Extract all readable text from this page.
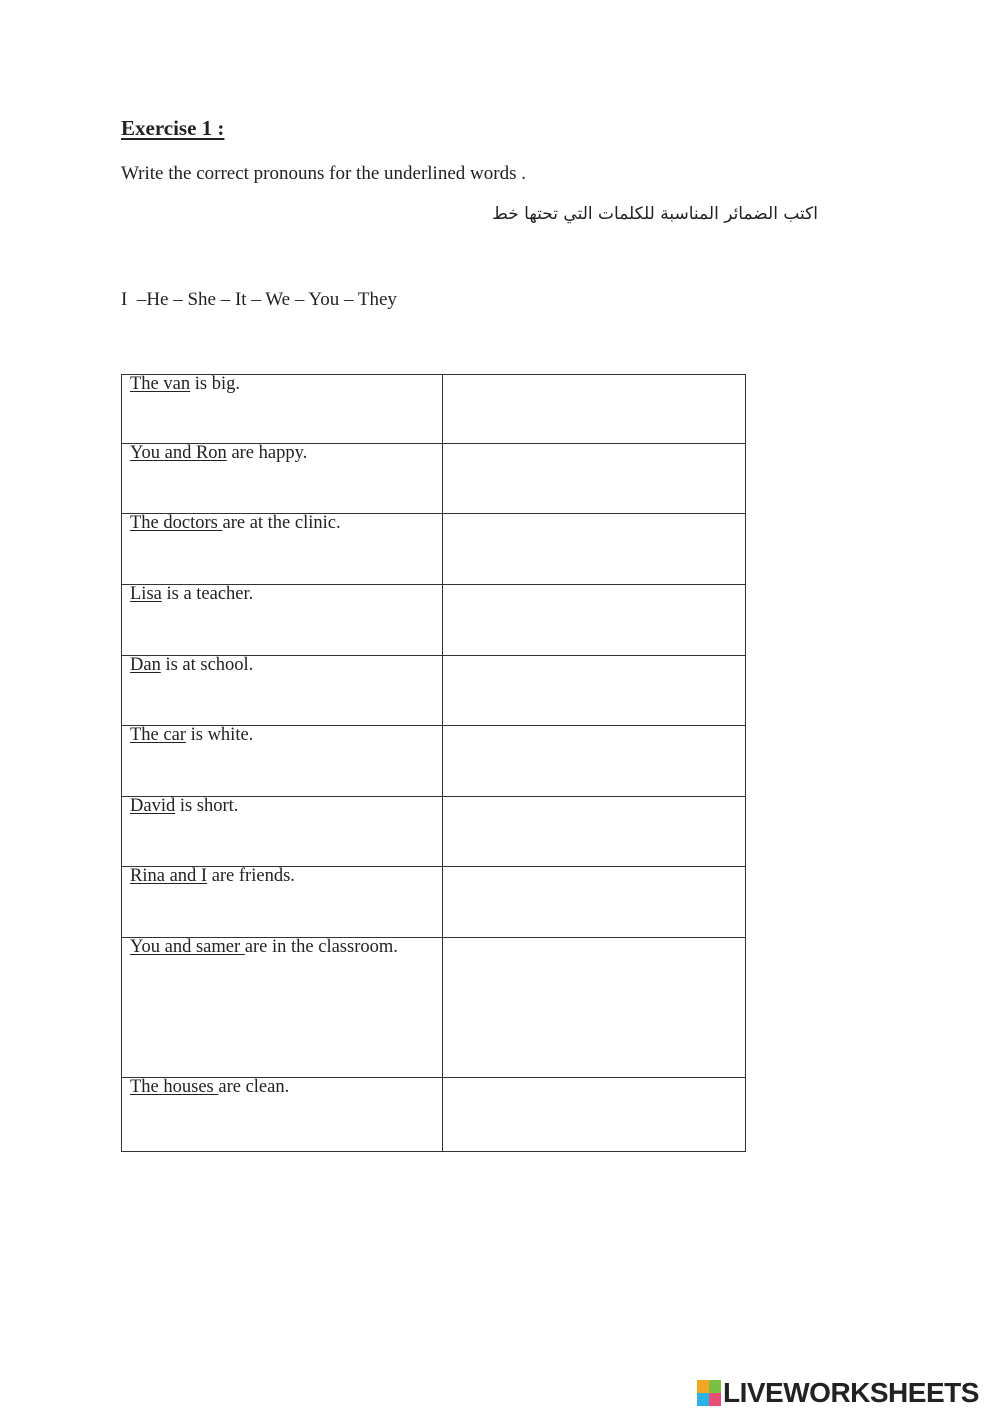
Exercise 1 :
Write the correct pronouns for the underlined words .
اكتب الضمائر المناسبة للكلمات التي تحتها خط
I  –He – She – It – We – You – They
The van is big.

You and Ron are happy.

The doctors are at the clinic.

Lisa is a teacher.

Dan is at school.

The car is white.

David is short.

Rina and I are friends.

You and samer are in the classroom.

The houses are clean.

LIVEWORKSHEETS
